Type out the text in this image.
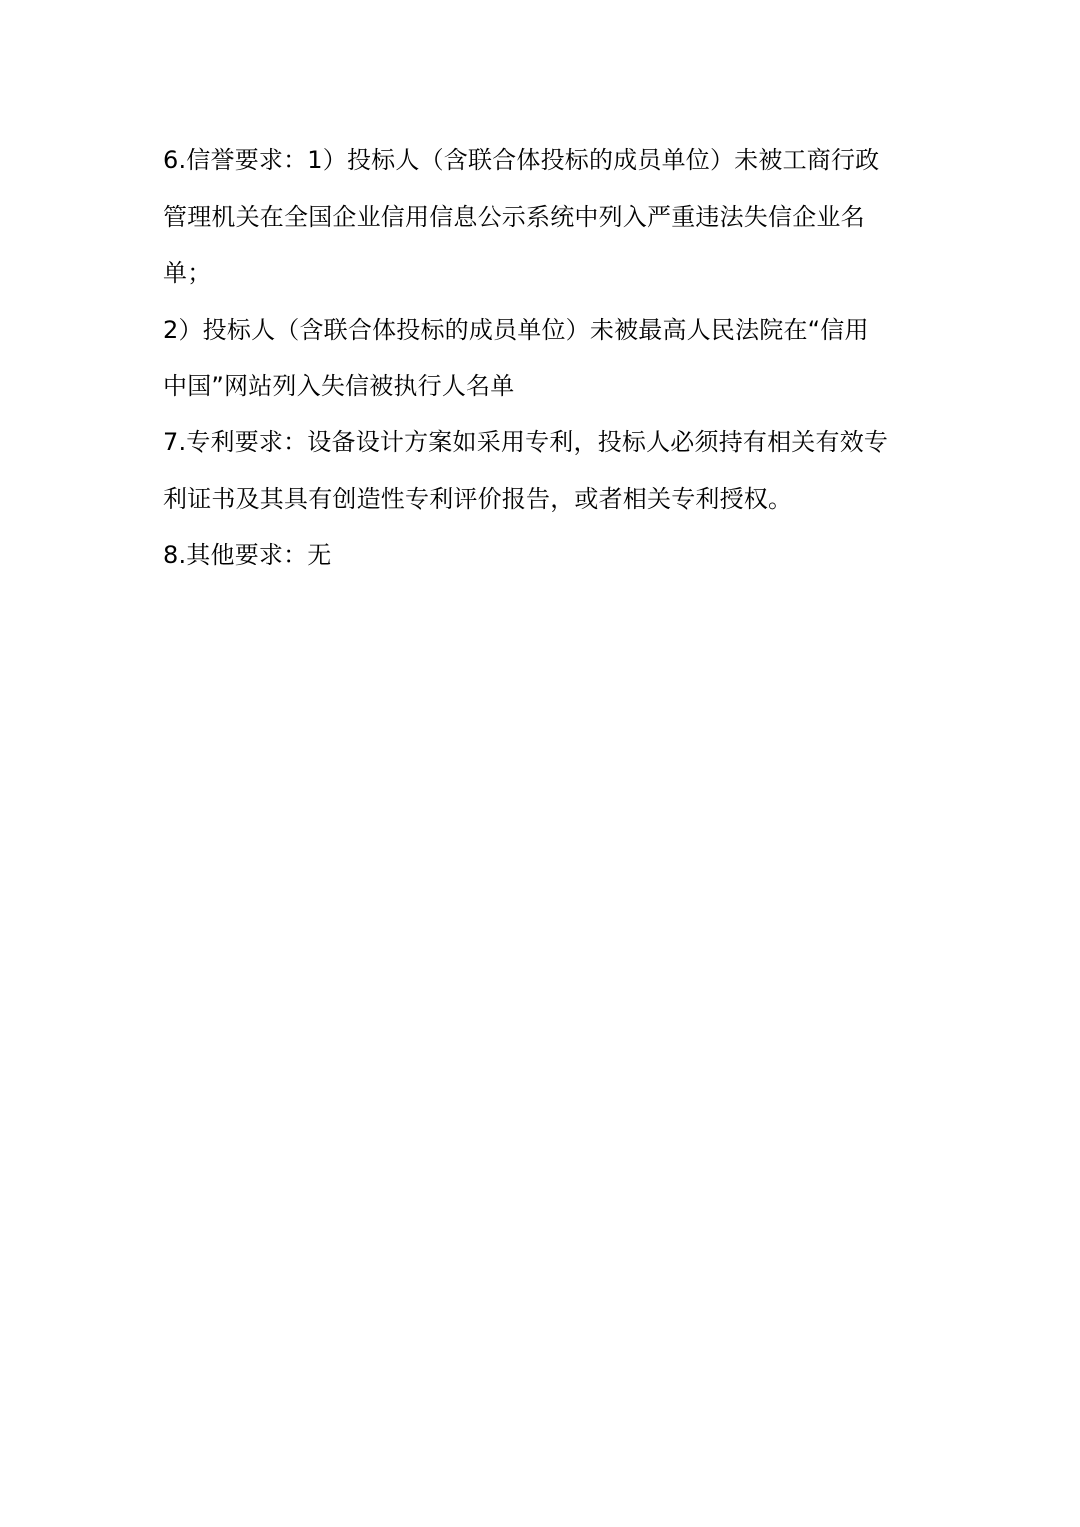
6.信誉要求：1）投标人（含联合体投标的成员单位）未被工商行政
管理机关在全国企业信用信息公示系统中列入严重违法失信企业名
单；
2）投标人（含联合体投标的成员单位）未被最高人民法院在“信用
中国”网站列入失信被执行人名单
7.专利要求：设备设计方案如采用专利，投标人必须持有相关有效专
利证书及其具有创造性专利评价报告，或者相关专利授权。
8.其他要求：无
